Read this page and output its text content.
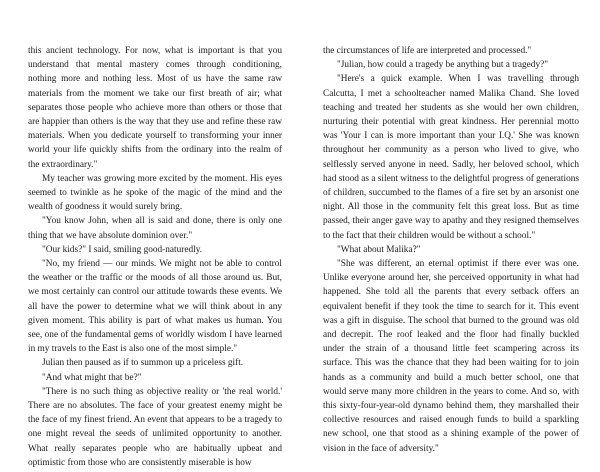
this ancient technology. For now, what is important is that you understand that mental mastery comes through conditioning, nothing more and nothing less. Most of us have the same raw materials from the moment we take our first breath of air; what separates those people who achieve more than others or those that are happier than others is the way that they use and refine these raw materials. When you dedicate yourself to transforming your inner world your life quickly shifts from the ordinary into the realm of the extraordinary."

My teacher was growing more excited by the moment. His eyes seemed to twinkle as he spoke of the magic of the mind and the wealth of goodness it would surely bring.

"You know John, when all is said and done, there is only one thing that we have absolute dominion over."

"Our kids?" I said, smiling good-naturedly.

"No, my friend — our minds. We might not be able to control the weather or the traffic or the moods of all those around us. But, we most certainly can control our attitude towards these events. We all have the power to determine what we will think about in any given moment. This ability is part of what makes us human. You see, one of the fundamental gems of worldly wisdom I have learned in my travels to the East is also one of the most simple."

Julian then paused as if to summon up a priceless gift.

"And what might that be?"

"There is no such thing as objective reality or 'the real world.' There are no absolutes. The face of your greatest enemy might be the face of my finest friend. An event that appears to be a tragedy to one might reveal the seeds of unlimited opportunity to another. What really separates people who are habitually upbeat and optimistic from those who are consistently miserable is how

the circumstances of life are interpreted and processed."

"Julian, how could a tragedy be anything but a tragedy?"

"Here's a quick example. When I was travelling through Calcutta, I met a schoolteacher named Malika Chand. She loved teaching and treated her students as she would her own children, nurturing their potential with great kindness. Her perennial motto was 'Your I can is more important than your I.Q.' She was known throughout her community as a person who lived to give, who selflessly served anyone in need. Sadly, her beloved school, which had stood as a silent witness to the delightful progress of generations of children, succumbed to the flames of a fire set by an arsonist one night. All those in the community felt this great loss. But as time passed, their anger gave way to apathy and they resigned themselves to the fact that their children would be without a school."

"What about Malika?"

"She was different, an eternal optimist if there ever was one. Unlike everyone around her, she perceived opportunity in what had happened. She told all the parents that every setback offers an equivalent benefit if they took the time to search for it. This event was a gift in disguise. The school that burned to the ground was old and decrepit. The roof leaked and the floor had finally buckled under the strain of a thousand little feet scampering across its surface. This was the chance that they had been waiting for to join hands as a community and build a much better school, one that would serve many more children in the years to come. And so, with this sixty-four-year-old dynamo behind them, they marshalled their collective resources and raised enough funds to build a sparkling new school, one that stood as a shining example of the power of vision in the face of adversity."
